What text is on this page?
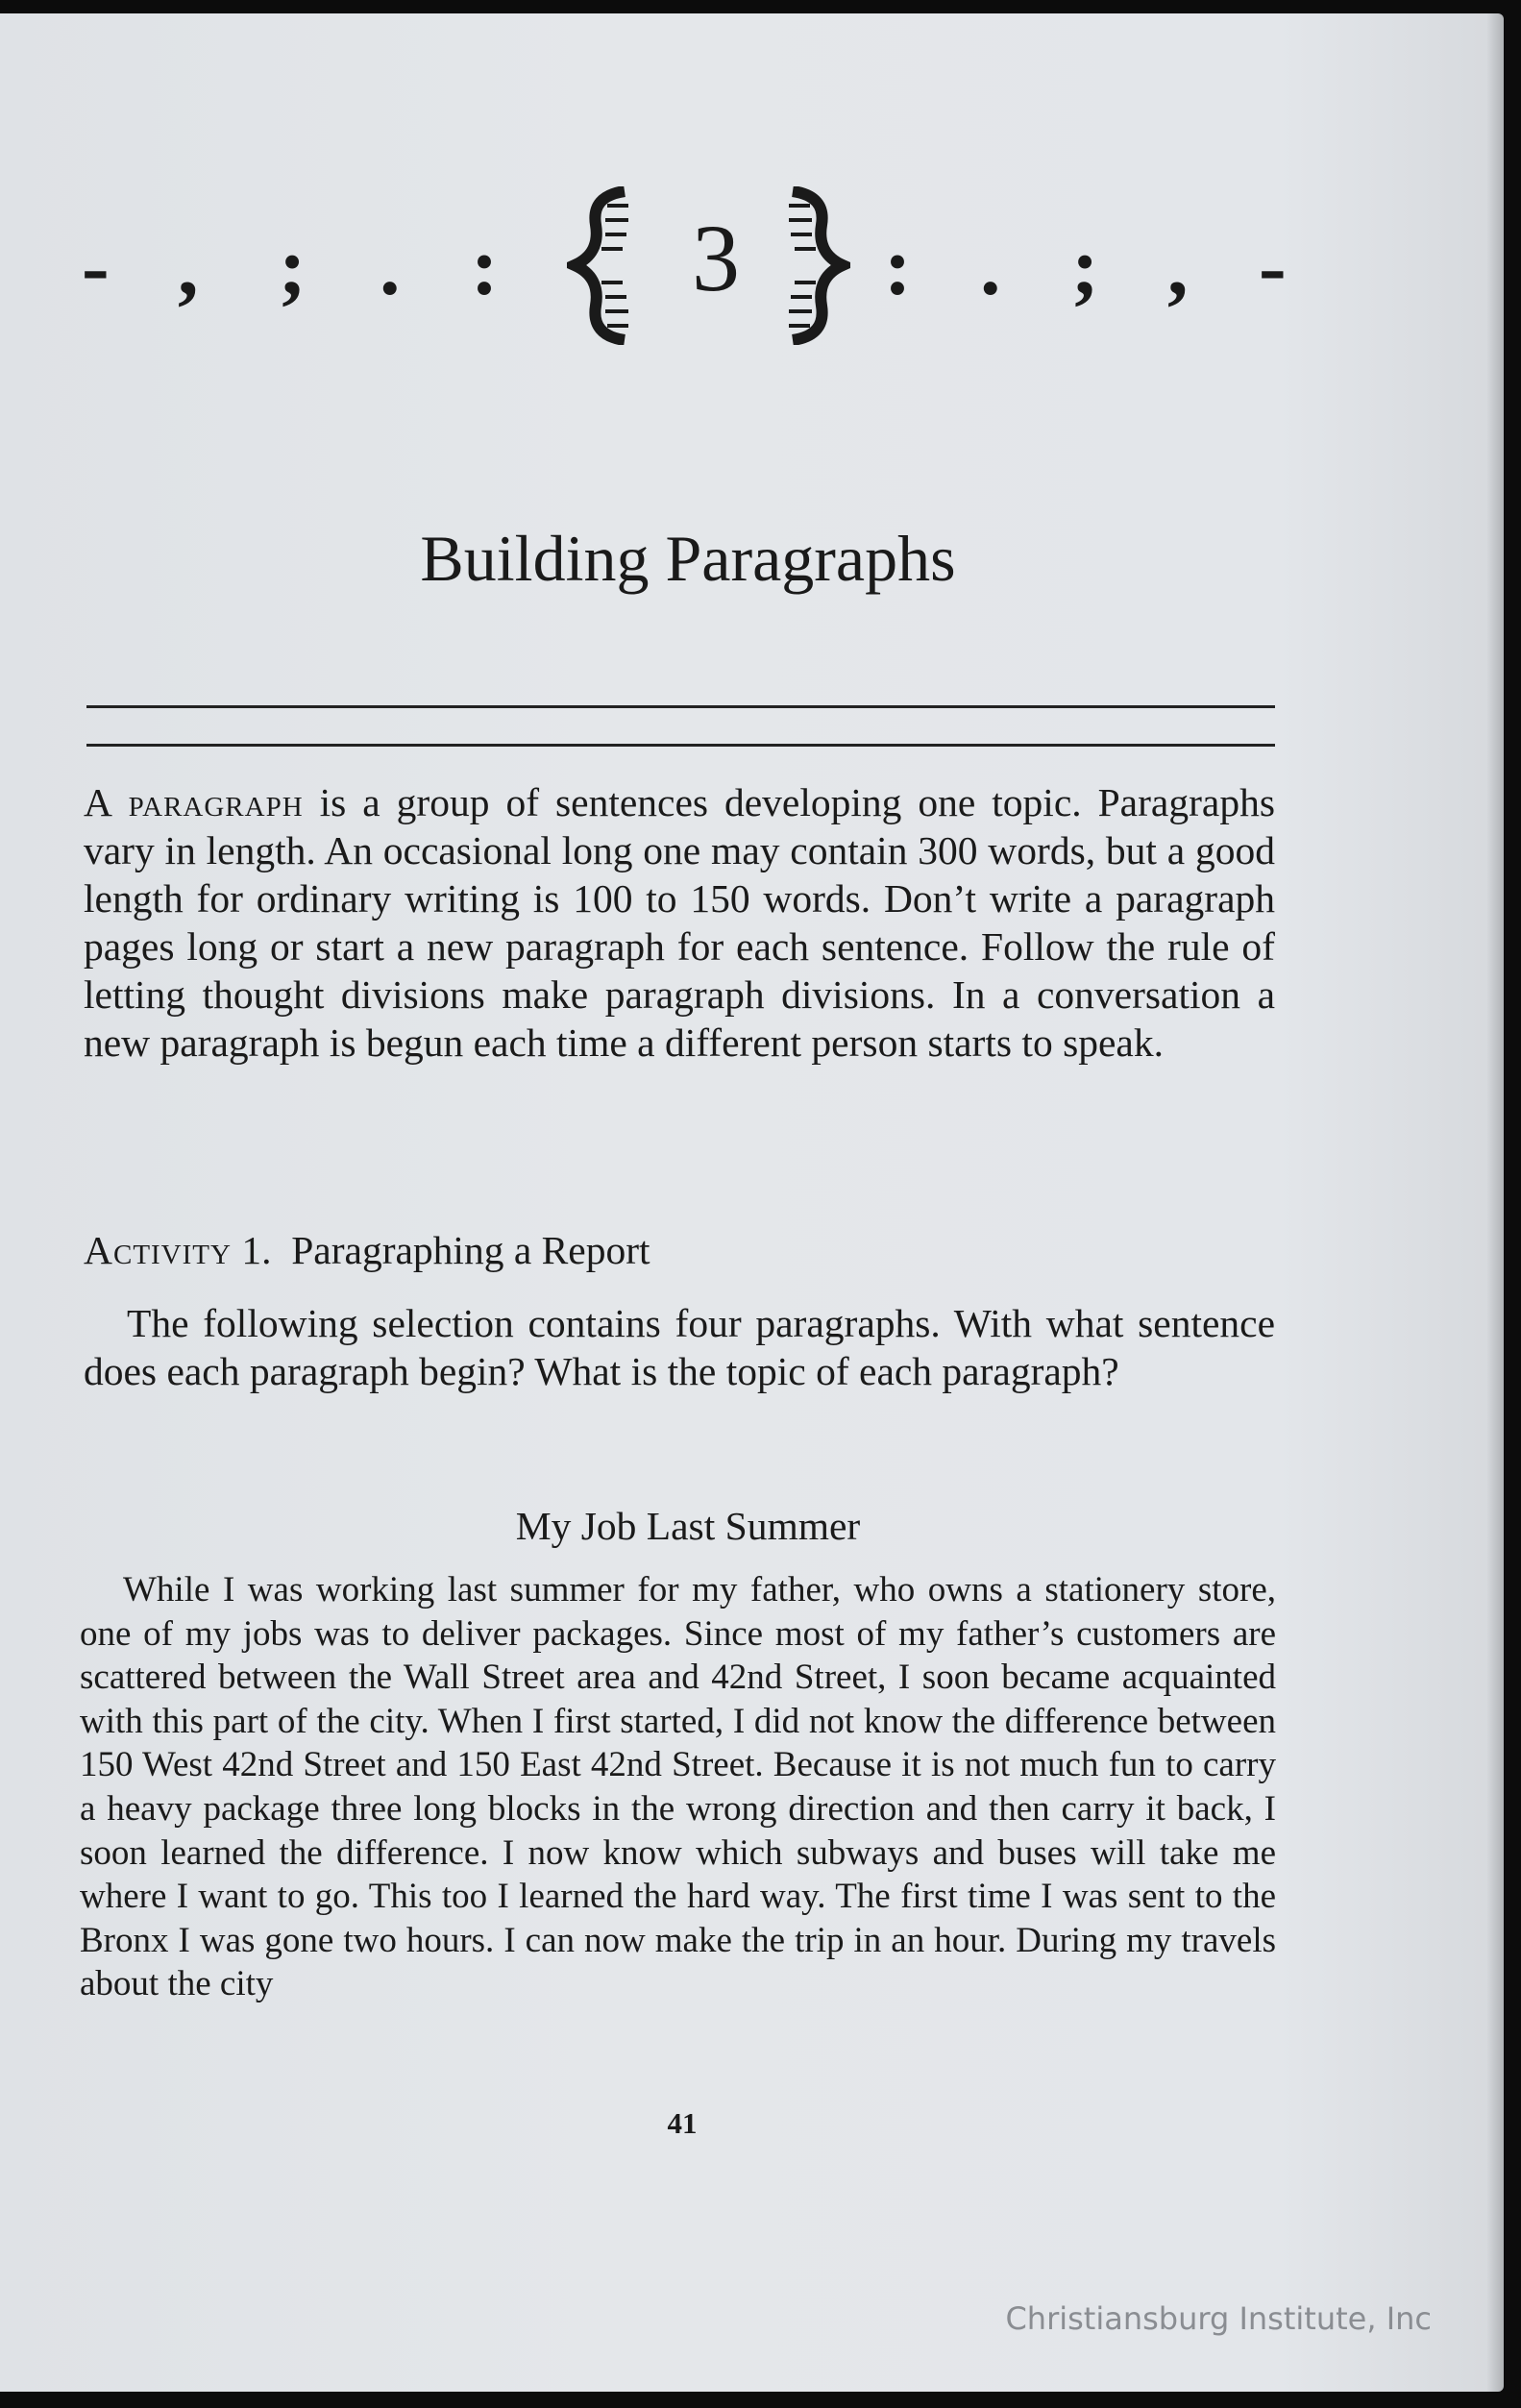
- , ; . :	3	: . ; , -
Building Paragraphs

A paragraph is a group of sentences developing one topic. Paragraphs vary in length. An occasional long one may contain 300 words, but a good length for ordinary writing is 100 to 150 words. Don’t write a paragraph pages long or start a new paragraph for each sentence. Follow the rule of letting thought divisions make paragraph divisions. In a conversation a new paragraph is begun each time a different person starts to speak.

Activity 1. Paragraphing a Report

The following selection contains four paragraphs. With what sentence does each paragraph begin? What is the topic of each paragraph?

My Job Last Summer

While I was working last summer for my father, who owns a stationery store, one of my jobs was to deliver packages. Since most of my father’s customers are scattered between the Wall Street area and 42nd Street, I soon became acquainted with this part of the city. When I first started, I did not know the difference between 150 West 42nd Street and 150 East 42nd Street. Because it is not much fun to carry a heavy package three long blocks in the wrong direction and then carry it back, I soon learned the difference. I now know which subways and buses will take me where I want to go. This too I learned the hard way. The first time I was sent to the Bronx I was gone two hours. I can now make the trip in an hour. During my travels about the city

41
Christiansburg Institute, Inc
